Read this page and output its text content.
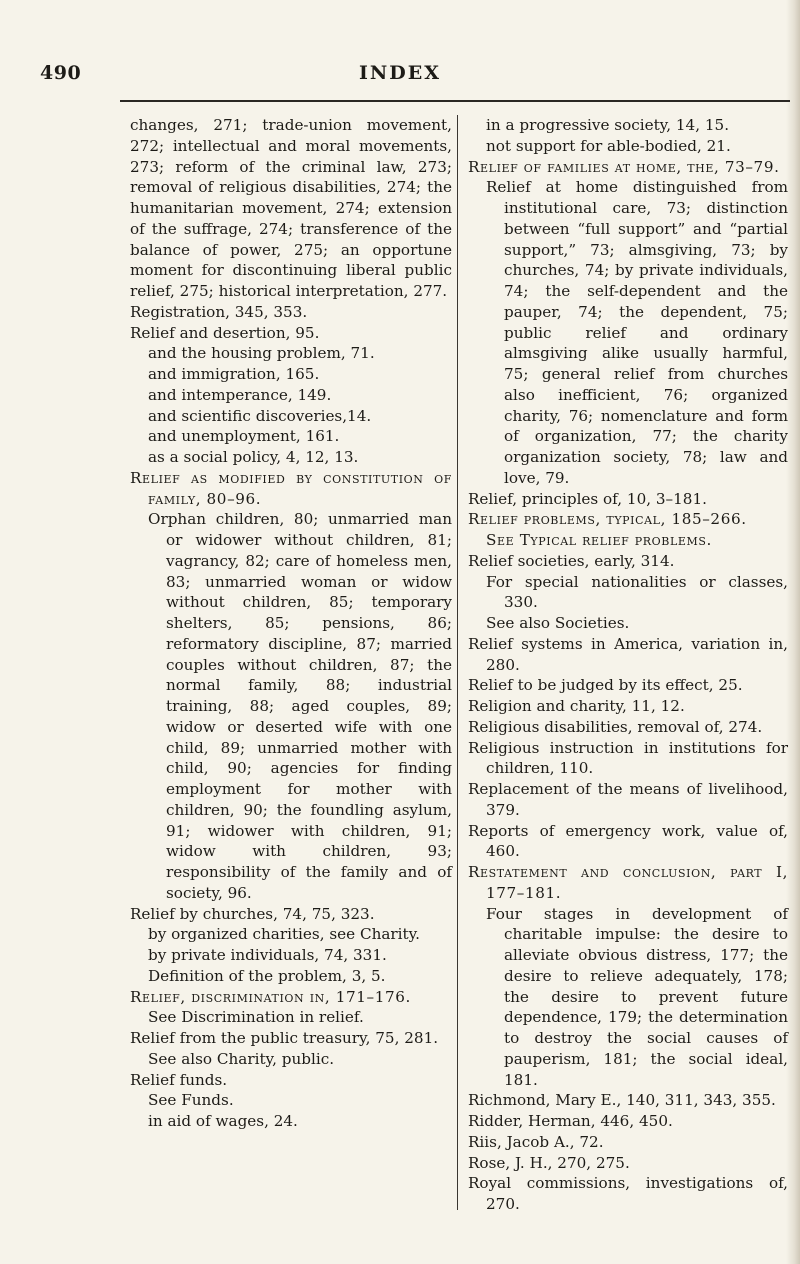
490	INDEX

changes, 271; trade-union movement, 272; intellectual and moral movements, 273; reform of the criminal law, 273; removal of religious disabilities, 274; the humanitarian movement, 274; extension of the suffrage, 274; transference of the balance of power, 275; an opportune moment for discontinuing liberal public relief, 275; historical interpretation, 277.

Registration, 345, 353.

Relief and desertion, 95.

and the housing problem, 71.

and immigration, 165.

and intemperance, 149.

and scientific discoveries,14.

and unemployment, 161.

as a social policy, 4, 12, 13.

Relief as modified by constitution of family, 80–96.

Orphan children, 80; unmarried man or widower without children, 81; vagrancy, 82; care of homeless men, 83; unmarried woman or widow without children, 85; temporary shelters, 85; pensions, 86; reformatory discipline, 87; married couples without children, 87; the normal family, 88; industrial training, 88; aged couples, 89; widow or deserted wife with one child, 89; unmarried mother with child, 90; agencies for finding employment for mother with children, 90; the foundling asylum, 91; widower with children, 91; widow with children, 93; responsibility of the family and of society, 96.

Relief by churches, 74, 75, 323.

by organized charities, see Charity.

by private individuals, 74, 331.

Definition of the problem, 3, 5.

Relief, discrimination in, 171–176.

See Discrimination in relief.

Relief from the public treasury, 75, 281.

See also Charity, public.

Relief funds.

See Funds.

in aid of wages, 24.

in a progressive society, 14, 15.

not support for able-bodied, 21.

Relief of families at home, the, 73–79.

Relief at home distinguished from institutional care, 73; distinction between “full support” and “partial support,” 73; almsgiving, 73; by churches, 74; by private individuals, 74; the self-dependent and the pauper, 74; the dependent, 75; public relief and ordinary almsgiving alike usually harmful, 75; general relief from churches also inefficient, 76; organized charity, 76; nomenclature and form of organization, 77; the charity organization society, 78; law and love, 79.

Relief, principles of, 10, 3–181.

Relief problems, typical, 185–266.

See Typical relief problems.

Relief societies, early, 314.

For special nationalities or classes, 330.

See also Societies.

Relief systems in America, variation in, 280.

Relief to be judged by its effect, 25.

Religion and charity, 11, 12.

Religious disabilities, removal of, 274.

Religious instruction in institutions for children, 110.

Replacement of the means of livelihood, 379.

Reports of emergency work, value of, 460.

Restatement and conclusion, part I, 177–181.

Four stages in development of charitable impulse: the desire to alleviate obvious distress, 177; the desire to relieve adequately, 178; the desire to prevent future dependence, 179; the determination to destroy the social causes of pauperism, 181; the social ideal, 181.

Richmond, Mary E., 140, 311, 343, 355.

Ridder, Herman, 446, 450.

Riis, Jacob A., 72.

Rose, J. H., 270, 275.

Royal commissions, investigations of, 270.
